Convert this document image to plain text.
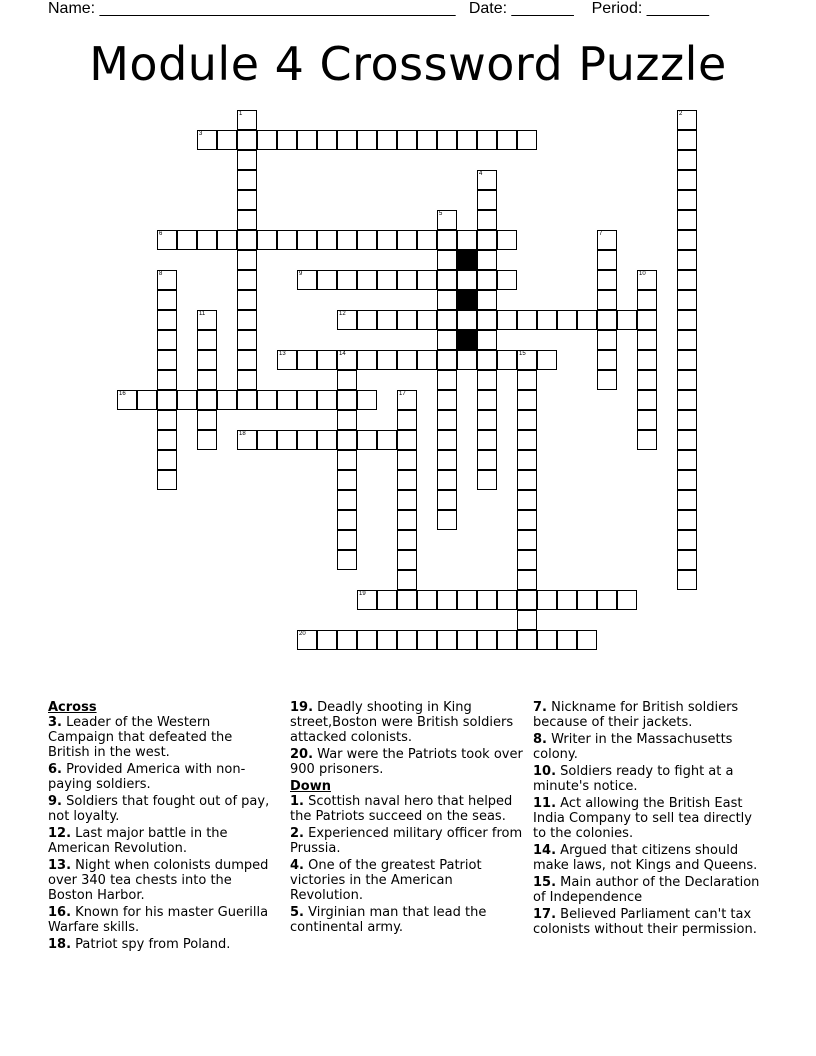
Name: ________________________________________   Date: _______    Period: _______
Module 4 Crossword Puzzle
3
6
9
12
13	14	15
16
18
19
20
1	2
4
5
7
8	10
11
17
Across
3. Leader of the Western Campaign that defeated the British in the west.
6. Provided America with non-paying soldiers.
9. Soldiers that fought out of pay, not loyalty.
12. Last major battle in the American Revolution.
13. Night when colonists dumped over 340 tea chests into the Boston Harbor.
16. Known for his master Guerilla Warfare skills.
18. Patriot spy from Poland.
19. Deadly shooting in King street,Boston were British soldiers attacked colonists.
20. War were the Patriots took over 900 prisoners.
Down
1. Scottish naval hero that helped the Patriots succeed on the seas.
2. Experienced military officer from Prussia.
4. One of the greatest Patriot victories in the American Revolution.
5. Virginian man that lead the continental army.
7. Nickname for British soldiers because of their jackets.
8. Writer in the Massachusetts colony.
10. Soldiers ready to fight at a minute's notice.
11. Act allowing the British East India Company to sell tea directly to the colonies.
14. Argued that citizens should make laws, not Kings and Queens.
15. Main author of the Declaration of Independence
17. Believed Parliament can't tax colonists without their permission.
